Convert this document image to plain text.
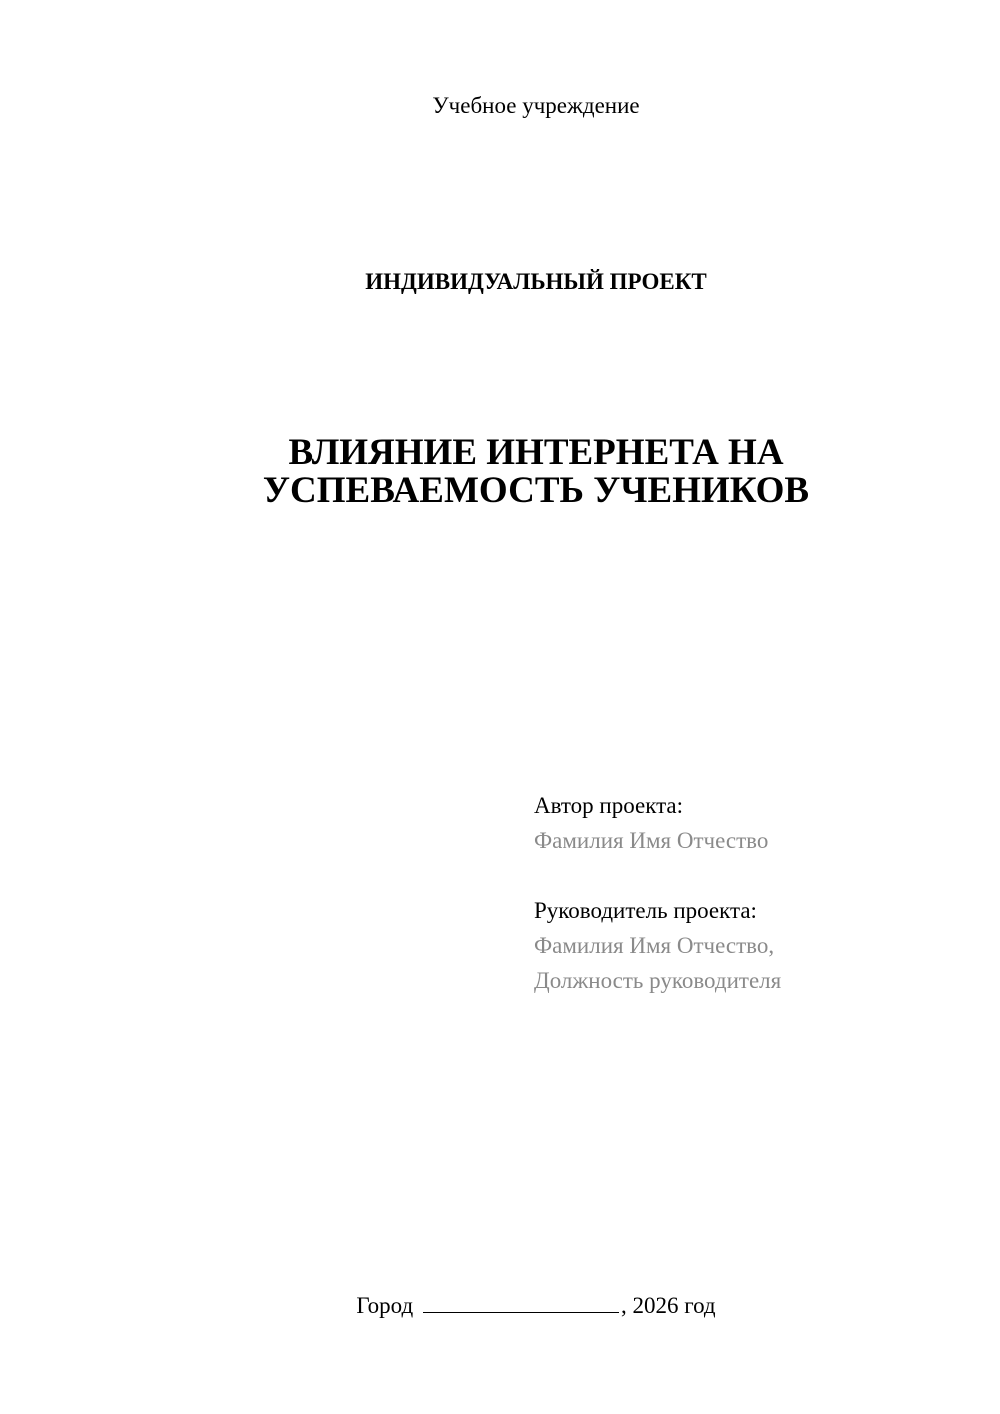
Учебное учреждение
ИНДИВИДУАЛЬНЫЙ ПРОЕКТ
ВЛИЯНИЕ ИНТЕРНЕТА НА
УСПЕВАЕМОСТЬ УЧЕНИКОВ
Автор проекта:
Фамилия Имя Отчество
Руководитель проекта:
Фамилия Имя Отчество,
Должность руководителя
Город	, 2026 год
